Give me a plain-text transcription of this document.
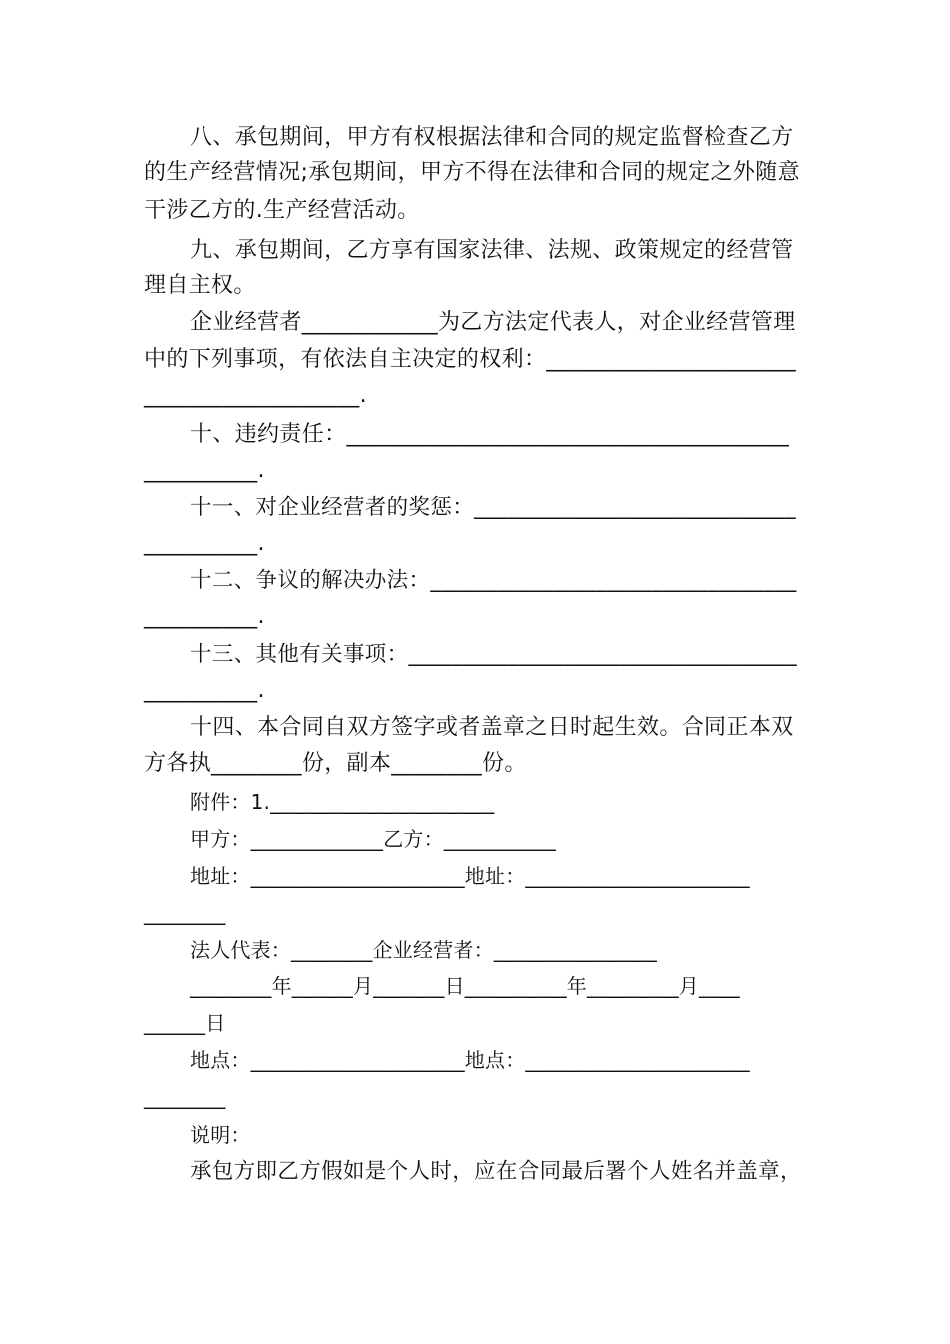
八、承包期间，甲方有权根据法律和合同的规定监督检查乙方
的生产经营情况;承包期间，甲方不得在法律和合同的规定之外随意
干涉乙方的.生产经营活动。
九、承包期间，乙方享有国家法律、法规、政策规定的经营管
理自主权。
企业经营者____________为乙方法定代表人，对企业经营管理
中的下列事项，有依法自主决定的权利：______________________
___________________.
十、违约责任：_______________________________________
__________.
十一、对企业经营者的奖惩：_____________________________
__________.
十二、争议的解决办法：_________________________________
__________.
十三、其他有关事项：___________________________________
__________.
十四、本合同自双方签字或者盖章之日时起生效。合同正本双
方各执________份，副本________份。
附件：1.______________________
甲方：_____________乙方：___________
地址：_____________________地址：______________________
________
法人代表：________企业经营者：________________
________年______月_______日__________年_________月____
______日
地点：_____________________地点：______________________
________
说明：
承包方即乙方假如是个人时，应在合同最后署个人姓名并盖章，
